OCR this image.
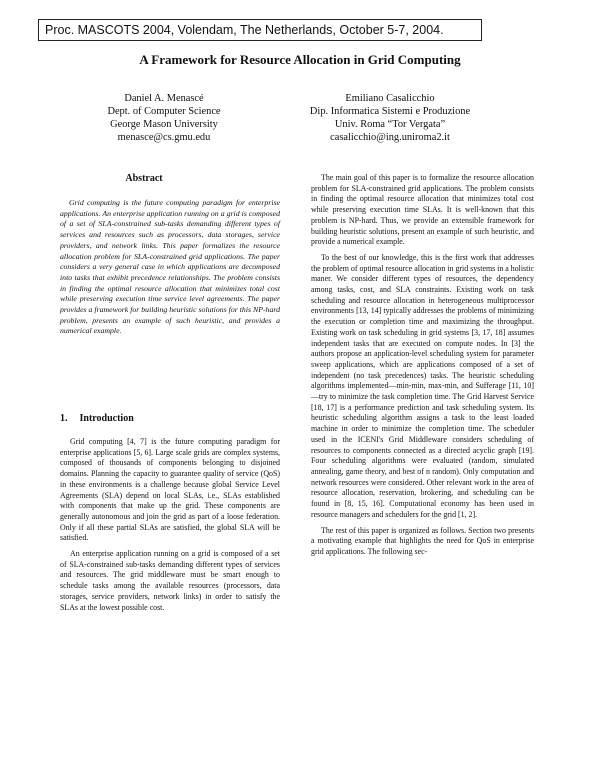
Proc. MASCOTS 2004, Volendam, The Netherlands, October 5-7, 2004.
A Framework for Resource Allocation in Grid Computing
Daniel A. Menascé
Dept. of Computer Science
George Mason University
menasce@cs.gmu.edu
Emiliano Casalicchio
Dip. Informatica Sistemi e Produzione
Univ. Roma “Tor Vergata”
casalicchio@ing.uniroma2.it
Abstract
Grid computing is the future computing paradigm for enterprise applications. An enterprise application running on a grid is composed of a set of SLA-constrained sub-tasks demanding different types of services and resources such as processors, data storages, service providers, and network links. This paper formalizes the resource allocation problem for SLA-constrained grid applications. The paper considers a very general case in which applications are decomposed into tasks that exhibit precedence relationships. The problem consists in finding the optimal resource allocation that minimizes total cost while preserving execution time service level agreements. The paper provides a framework for building heuristic solutions for this NP-hard problem, presents an example of such heuristic, and provides a numerical example.
1. Introduction

Grid computing [4, 7] is the future computing paradigm for enterprise applications [5, 6]. Large scale grids are complex systems, composed of thousands of components belonging to disjoined domains. Planning the capacity to guarantee quality of service (QoS) in these environments is a challenge because global Service Level Agreements (SLA) depend on local SLAs, i.e., SLAs established with components that make up the grid. These components are generally autonomous and join the grid as part of a loose federation. Only if all these partial SLAs are satisfied, the global SLA will be satisfied.

An enterprise application running on a grid is composed of a set of SLA-constrained sub-tasks demanding different types of services and resources. The grid middleware must be smart enough to schedule tasks among the available resources (processors, data storages, service providers, network links) in order to satisfy the SLAs at the lowest possible cost.

The main goal of this paper is to formalize the resource allocation problem for SLA-constrained grid applications. The problem consists in finding the optimal resource allocation that minimizes total cost while preserving execution time SLAs. It is well-known that this problem is NP-hard. Thus, we provide an extensible framework for building heuristic solutions, present an example of such heuristic, and provide a numerical example.

To the best of our knowledge, this is the first work that addresses the problem of optimal resource allocation in grid systems in a holistic maner. We consider different types of resources, the dependency among tasks, cost, and SLA constraints. Existing work on task scheduling and resource allocation in heterogeneous multiprocessor environments [13, 14] typically addresses the problems of minimizing the execution or completion time and maximizing the throughput. Existing work on task scheduling in grid systems [3, 17, 18] assumes independent tasks that are executed on compute nodes. In [3] the authors propose an application-level scheduling system for parameter sweep applications, which are applications composed of a set of independent (no task precedences) tasks. The heuristic scheduling algorithms implemented—min-min, max-min, and Sufferage [11, 10]—try to minimize the task completion time. The Grid Harvest Service [18, 17] is a performance prediction and task scheduling system. Its heuristic scheduling algorithm assigns a task to the least loaded machine in order to minimize the completion time. The scheduler used in the ICENI's Grid Middleware considers scheduling of resources to components connected as a directed acyclic graph [19]. Four scheduling algorithms were evaluated (random, simulated annealing, game theory, and best of n random). Only computation and network resources were considered. Other relevant work in the area of resource allocation, reservation, brokering, and scheduling can be found in [8, 15, 16]. Computational economy has been used in resource managers and schedulers for the grid [1, 2].

The rest of this paper is organized as follows. Section two presents a motivating example that highlights the need for QoS in enterprise grid applications. The following sec-
